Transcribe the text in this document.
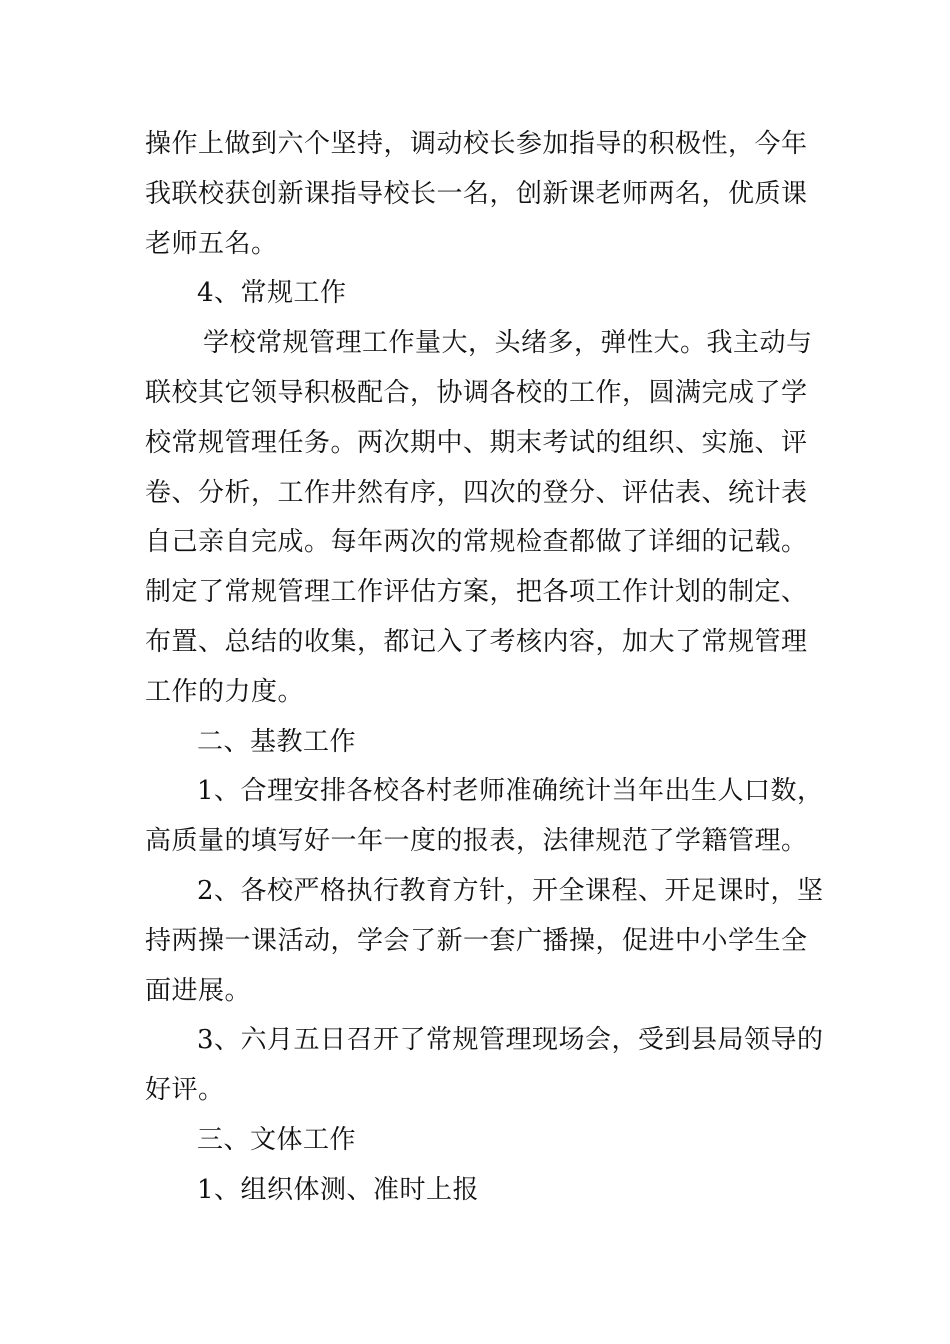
操作上做到六个坚持，调动校长参加指导的积极性，今年
我联校获创新课指导校长一名，创新课老师两名，优质课
老师五名。
4、常规工作
学校常规管理工作量大，头绪多，弹性大。我主动与
联校其它领导积极配合，协调各校的工作，圆满完成了学
校常规管理任务。两次期中、期末考试的组织、实施、评
卷、分析，工作井然有序，四次的登分、评估表、统计表
自己亲自完成。每年两次的常规检查都做了详细的记载。
制定了常规管理工作评估方案，把各项工作计划的制定、
布置、总结的收集，都记入了考核内容，加大了常规管理
工作的力度。
二、基教工作
1、合理安排各校各村老师准确统计当年出生人口数，
高质量的填写好一年一度的报表，法律规范了学籍管理。
2、各校严格执行教育方针，开全课程、开足课时，坚
持两操一课活动，学会了新一套广播操，促进中小学生全
面进展。
3、六月五日召开了常规管理现场会，受到县局领导的
好评。
三、文体工作
1、组织体测、准时上报
